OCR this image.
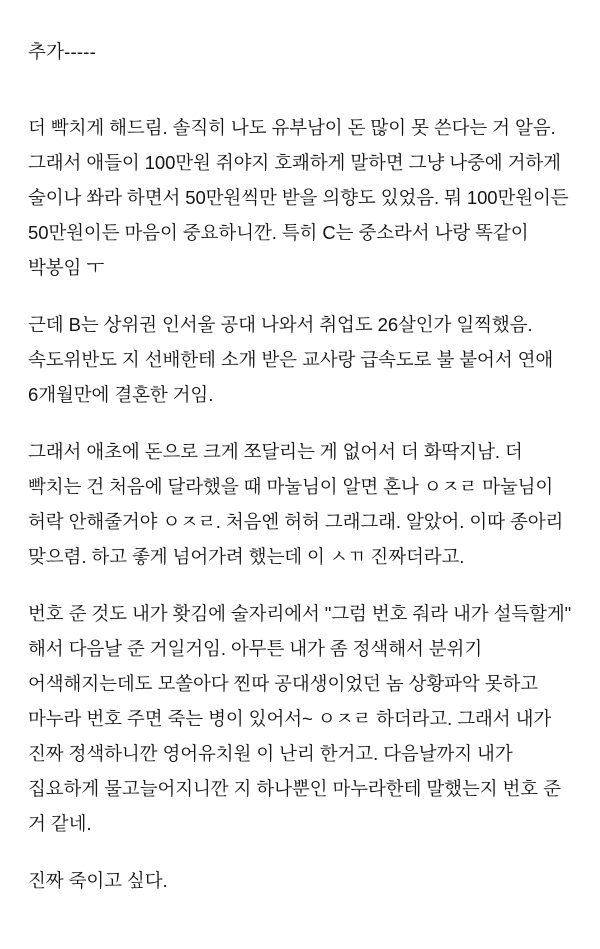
추가-----

더 빡치게 해드림. 솔직히 나도 유부남이 돈 많이 못 쓴다는 거 알음. 그래서 애들이 100만원 쥐야지 호쾌하게 말하면 그냥 나중에 거하게 술이나 쏴라 하면서 50만원씩만 받을 의향도 있었음. 뭐 100만원이든 50만원이든 마음이 중요하니깐. 특히 C는 중소라서 나랑 똑같이 박봉임 ㅜ

근데 B는 상위권 인서울 공대 나와서 취업도 26살인가 일찍했음. 속도위반도 지 선배한테 소개 받은 교사랑 급속도로 불 붙어서 연애 6개월만에 결혼한 거임.

그래서 애초에 돈으로 크게 쪼달리는 게 없어서 더 화딱지남. 더 빡치는 건 처음에 달라했을 때 마눌님이 알면 혼나 ㅇㅈㄹ 마눌님이 허락 안해줄거야 ㅇㅈㄹ. 처음엔 허허 그래그래. 알았어. 이따 종아리 맞으렴. 하고 좋게 넘어가려 했는데 이 ㅅㄲ 진짜더라고.

번호 준 것도 내가 홧김에 술자리에서 "그럼 번호 줘라 내가 설득할게" 해서 다음날 준 거일거임. 아무튼 내가 좀 정색해서 분위기 어색해지는데도 모쏠아다 찐따 공대생이었던 놈 상황파악 못하고 마누라 번호 주면 죽는 병이 있어서~ ㅇㅈㄹ 하더라고. 그래서 내가 진짜 정색하니깐 영어유치원 이 난리 한거고. 다음날까지 내가 집요하게 물고늘어지니깐 지 하나뿐인 마누라한테 말했는지 번호 준 거 같네.

진짜 죽이고 싶다.
